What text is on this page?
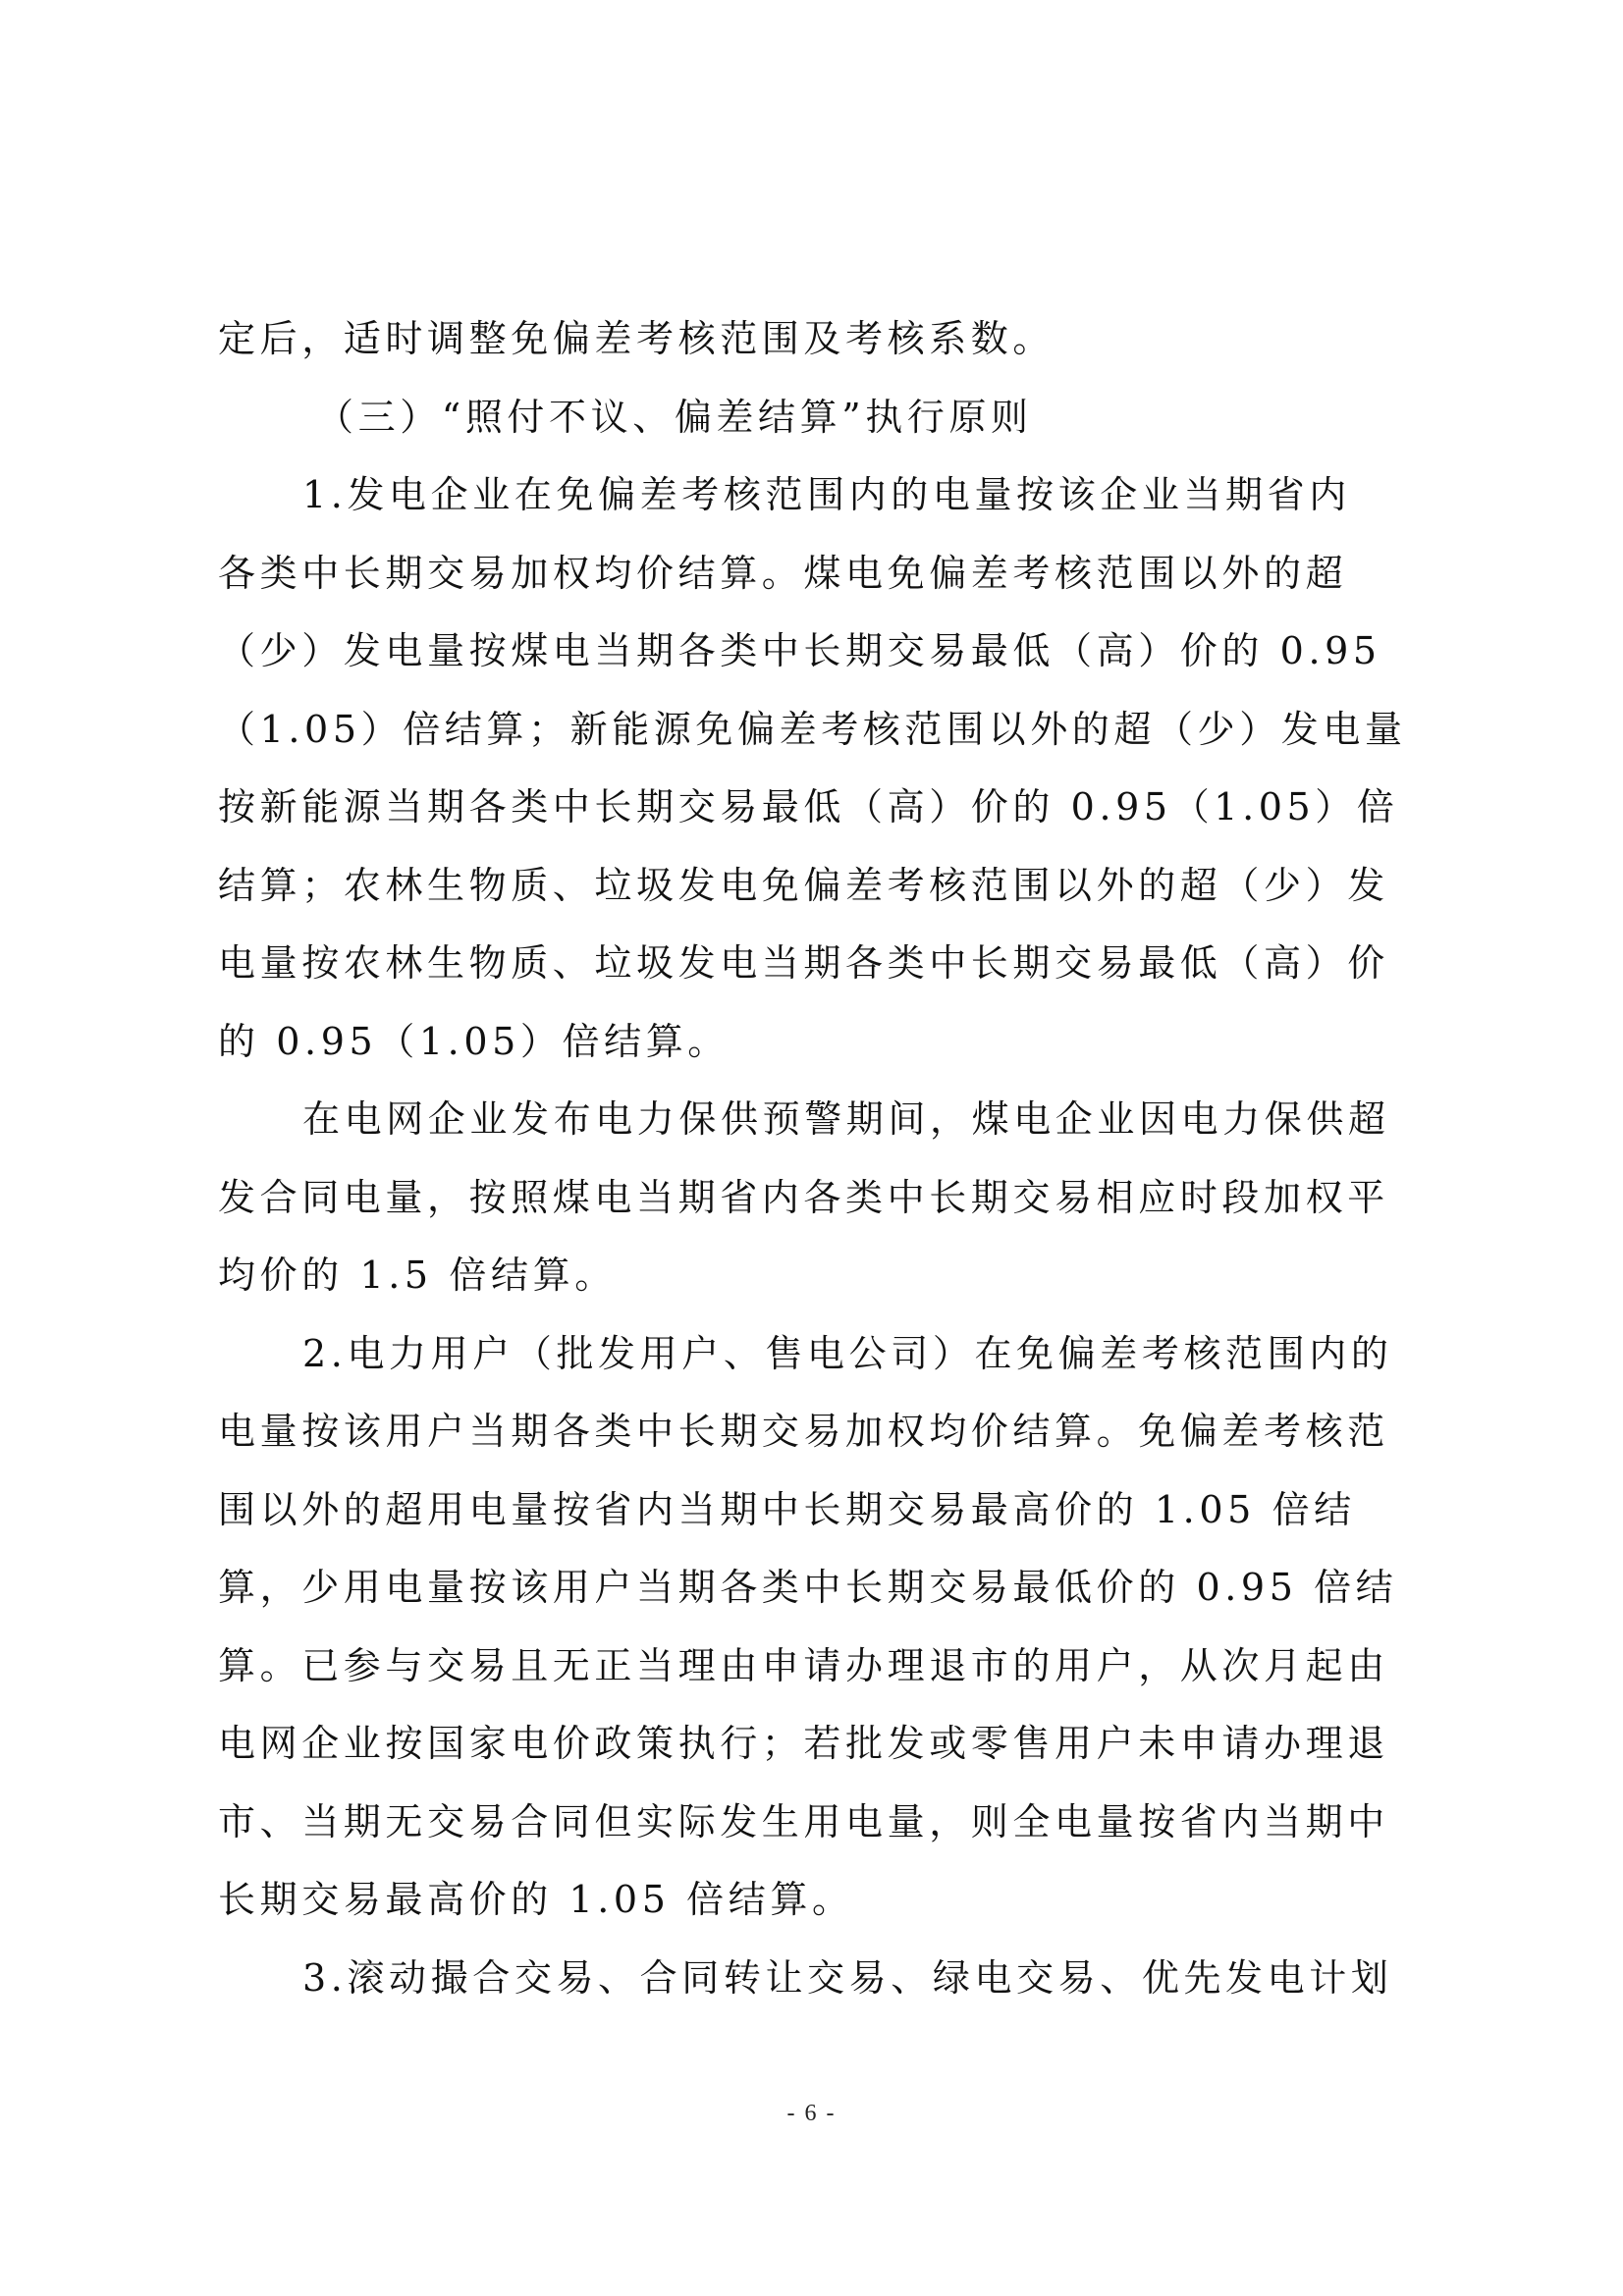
定后，适时调整免偏差考核范围及考核系数。
（三）“照付不议、偏差结算”执行原则
1.发电企业在免偏差考核范围内的电量按该企业当期省内
各类中长期交易加权均价结算。煤电免偏差考核范围以外的超
（少）发电量按煤电当期各类中长期交易最低（高）价的 0.95
（1.05）倍结算；新能源免偏差考核范围以外的超（少）发电量
按新能源当期各类中长期交易最低（高）价的 0.95（1.05）倍
结算；农林生物质、垃圾发电免偏差考核范围以外的超（少）发
电量按农林生物质、垃圾发电当期各类中长期交易最低（高）价
的 0.95（1.05）倍结算。
在电网企业发布电力保供预警期间，煤电企业因电力保供超
发合同电量，按照煤电当期省内各类中长期交易相应时段加权平
均价的 1.5 倍结算。
2.电力用户（批发用户、售电公司）在免偏差考核范围内的
电量按该用户当期各类中长期交易加权均价结算。免偏差考核范
围以外的超用电量按省内当期中长期交易最高价的 1.05 倍结
算，少用电量按该用户当期各类中长期交易最低价的 0.95 倍结
算。已参与交易且无正当理由申请办理退市的用户，从次月起由
电网企业按国家电价政策执行；若批发或零售用户未申请办理退
市、当期无交易合同但实际发生用电量，则全电量按省内当期中
长期交易最高价的 1.05 倍结算。
3.滚动撮合交易、合同转让交易、绿电交易、优先发电计划
- 6 -
